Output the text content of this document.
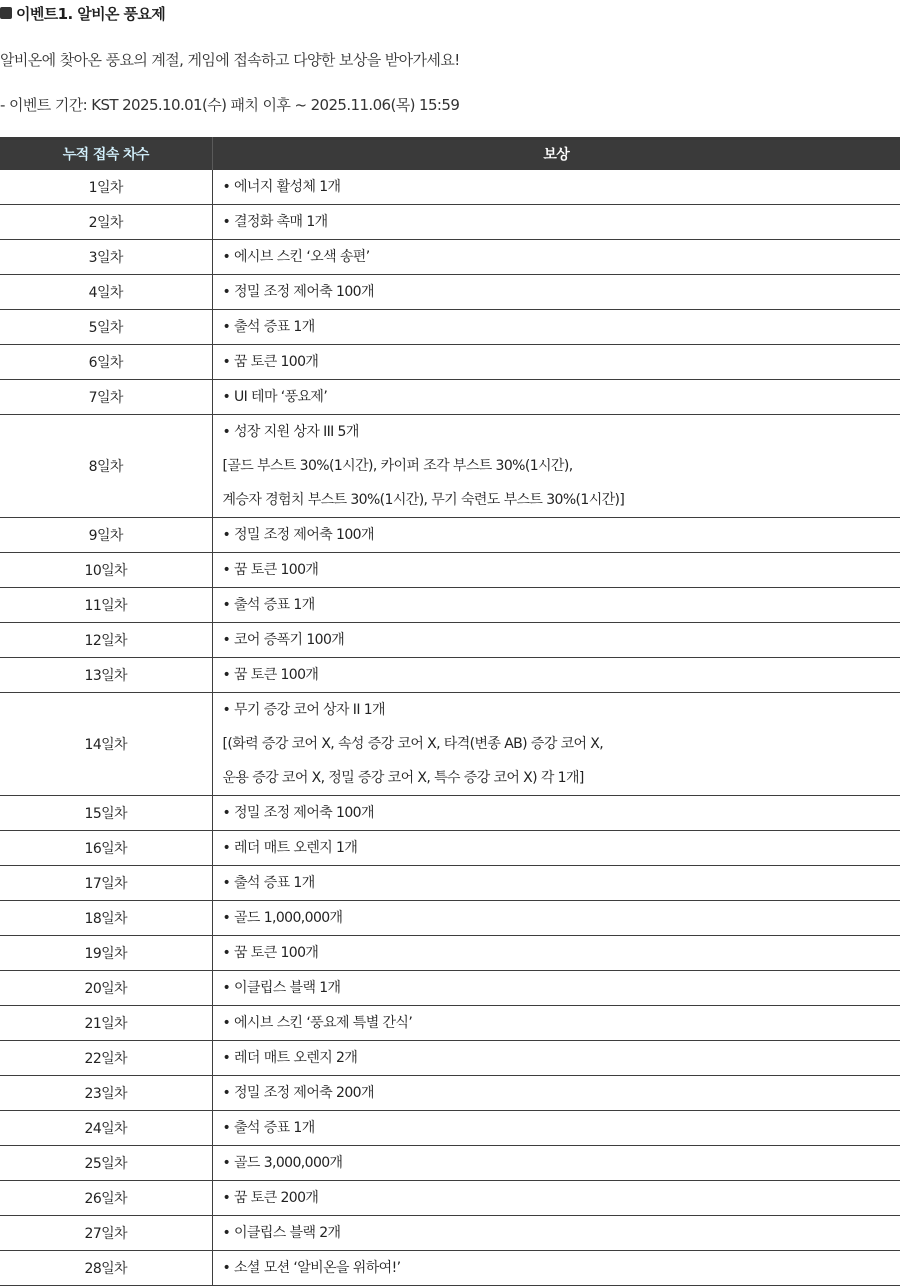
이벤트1. 알비온 풍요제
알비온에 찾아온 풍요의 계절, 게임에 접속하고 다양한 보상을 받아가세요!
- 이벤트 기간: KST 2025.10.01(수) 패치 이후 ~ 2025.11.06(목) 15:59
누적 접속 차수	보상
1일차	• 에너지 활성체 1개

2일차	• 결정화 촉매 1개

3일차	• 에시브 스킨 ‘오색 송편’

4일차	• 정밀 조정 제어축 100개

5일차	• 출석 증표 1개

6일차	• 꿈 토큰 100개

7일차	• UI 테마 ‘풍요제’

8일차	• 성장 지원 상자 III 5개
[골드 부스트 30%(1시간), 카이퍼 조각 부스트 30%(1시간),
계승자 경험치 부스트 30%(1시간), 무기 숙련도 부스트 30%(1시간)]

9일차	• 정밀 조정 제어축 100개

10일차	• 꿈 토큰 100개

11일차	• 출석 증표 1개

12일차	• 코어 증폭기 100개

13일차	• 꿈 토큰 100개

14일차	• 무기 증강 코어 상자 II 1개
[(화력 증강 코어 X, 속성 증강 코어 X, 타격(변종 AB) 증강 코어 X,
운용 증강 코어 X, 정밀 증강 코어 X, 특수 증강 코어 X) 각 1개]

15일차	• 정밀 조정 제어축 100개

16일차	• 레더 매트 오렌지 1개

17일차	• 출석 증표 1개

18일차	• 골드 1,000,000개

19일차	• 꿈 토큰 100개

20일차	• 이클립스 블랙 1개

21일차	• 에시브 스킨 ‘풍요제 특별 간식’

22일차	• 레더 매트 오렌지 2개

23일차	• 정밀 조정 제어축 200개

24일차	• 출석 증표 1개

25일차	• 골드 3,000,000개

26일차	• 꿈 토큰 200개

27일차	• 이클립스 블랙 2개

28일차	• 소셜 모션 ‘알비온을 위하여!’
